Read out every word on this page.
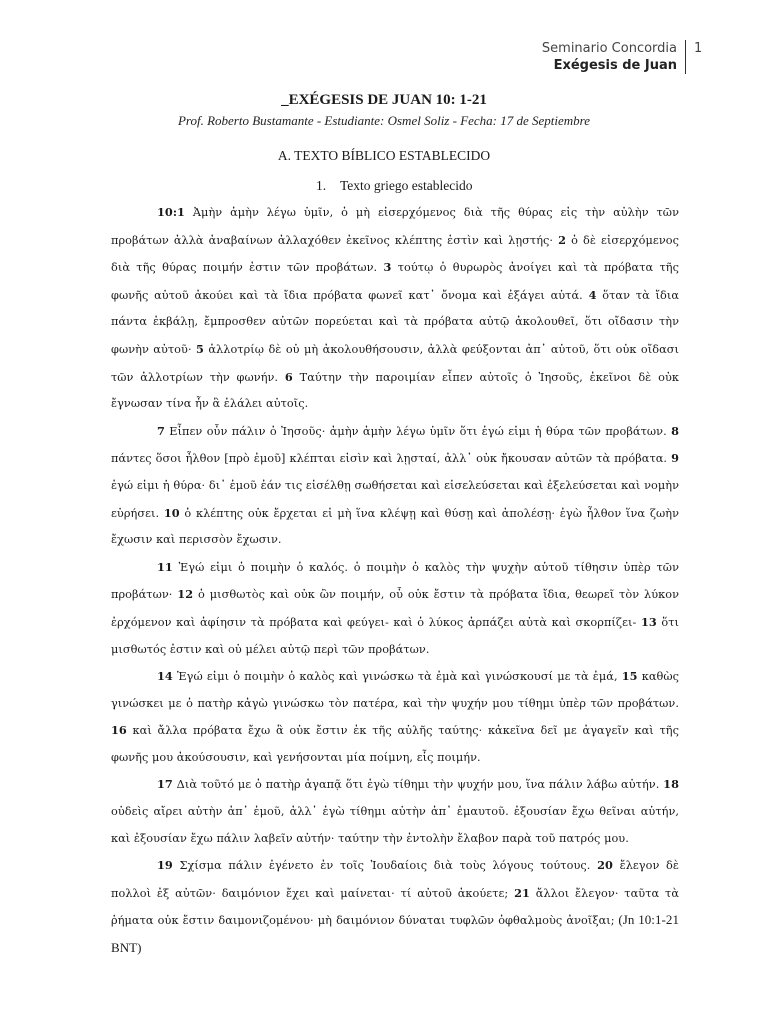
Seminario Concordia
Exégesis de Juan
1
_EXÉGESIS DE JUAN 10: 1-21
Prof. Roberto Bustamante - Estudiante: Osmel Soliz - Fecha: 17 de Septiembre
A. TEXTO BÍBLICO ESTABLECIDO
1. Texto griego establecido

10:1 Ἀμὴν ἀμὴν λέγω ὑμῖν, ὁ μὴ εἰσερχόμενος διὰ τῆς θύρας εἰς τὴν αὐλὴν τῶν προβάτων ἀλλὰ ἀναβαίνων ἀλλαχόθεν ἐκεῖνος κλέπτης ἐστὶν καὶ λῃστής· 2 ὁ δὲ εἰσερχόμενος διὰ τῆς θύρας ποιμήν ἐστιν τῶν προβάτων. 3 τούτῳ ὁ θυρωρὸς ἀνοίγει καὶ τὰ πρόβατα τῆς φωνῆς αὐτοῦ ἀκούει καὶ τὰ ἴδια πρόβατα φωνεῖ κατ᾽ ὄνομα καὶ ἐξάγει αὐτά. 4 ὅταν τὰ ἴδια πάντα ἐκβάλῃ, ἔμπροσθεν αὐτῶν πορεύεται καὶ τὰ πρόβατα αὐτῷ ἀκολουθεῖ, ὅτι οἴδασιν τὴν φωνὴν αὐτοῦ· 5 ἀλλοτρίῳ δὲ οὐ μὴ ἀκολουθήσουσιν, ἀλλὰ φεύξονται ἀπ᾽ αὐτοῦ, ὅτι οὐκ οἴδασι τῶν ἀλλοτρίων τὴν φωνήν. 6 Ταύτην τὴν παροιμίαν εἶπεν αὐτοῖς ὁ Ἰησοῦς, ἐκεῖνοι δὲ οὐκ ἔγνωσαν τίνα ἦν ἃ ἐλάλει αὐτοῖς.

7 Εἶπεν οὖν πάλιν ὁ Ἰησοῦς· ἀμὴν ἀμὴν λέγω ὑμῖν ὅτι ἐγώ εἰμι ἡ θύρα τῶν προβάτων. 8 πάντες ὅσοι ἦλθον [πρὸ ἐμοῦ] κλέπται εἰσὶν καὶ λῃσταί, ἀλλ᾽ οὐκ ἤκουσαν αὐτῶν τὰ πρόβατα. 9 ἐγώ εἰμι ἡ θύρα· δι᾽ ἐμοῦ ἐάν τις εἰσέλθῃ σωθήσεται καὶ εἰσελεύσεται καὶ ἐξελεύσεται καὶ νομὴν εὑρήσει. 10 ὁ κλέπτης οὐκ ἔρχεται εἰ μὴ ἵνα κλέψῃ καὶ θύσῃ καὶ ἀπολέσῃ· ἐγὼ ἦλθον ἵνα ζωὴν ἔχωσιν καὶ περισσὸν ἔχωσιν.

11 Ἐγώ εἰμι ὁ ποιμὴν ὁ καλός. ὁ ποιμὴν ὁ καλὸς τὴν ψυχὴν αὐτοῦ τίθησιν ὑπὲρ τῶν προβάτων· 12 ὁ μισθωτὸς καὶ οὐκ ὢν ποιμήν, οὗ οὐκ ἔστιν τὰ πρόβατα ἴδια, θεωρεῖ τὸν λύκον ἐρχόμενον καὶ ἀφίησιν τὰ πρόβατα καὶ φεύγει- καὶ ὁ λύκος ἁρπάζει αὐτὰ καὶ σκορπίζει- 13 ὅτι μισθωτός ἐστιν καὶ οὐ μέλει αὐτῷ περὶ τῶν προβάτων.

14 Ἐγώ εἰμι ὁ ποιμὴν ὁ καλὸς καὶ γινώσκω τὰ ἐμὰ καὶ γινώσκουσί με τὰ ἐμά, 15 καθὼς γινώσκει με ὁ πατὴρ κἀγὼ γινώσκω τὸν πατέρα, καὶ τὴν ψυχήν μου τίθημι ὑπὲρ τῶν προβάτων. 16 καὶ ἄλλα πρόβατα ἔχω ἃ οὐκ ἔστιν ἐκ τῆς αὐλῆς ταύτης· κἀκεῖνα δεῖ με ἀγαγεῖν καὶ τῆς φωνῆς μου ἀκούσουσιν, καὶ γενήσονται μία ποίμνη, εἷς ποιμήν.

17 Διὰ τοῦτό με ὁ πατὴρ ἀγαπᾷ ὅτι ἐγὼ τίθημι τὴν ψυχήν μου, ἵνα πάλιν λάβω αὐτήν. 18 οὐδεὶς αἴρει αὐτὴν ἀπ᾽ ἐμοῦ, ἀλλ᾽ ἐγὼ τίθημι αὐτὴν ἀπ᾽ ἐμαυτοῦ. ἐξουσίαν ἔχω θεῖναι αὐτήν, καὶ ἐξουσίαν ἔχω πάλιν λαβεῖν αὐτήν· ταύτην τὴν ἐντολὴν ἔλαβον παρὰ τοῦ πατρός μου.

19 Σχίσμα πάλιν ἐγένετο ἐν τοῖς Ἰουδαίοις διὰ τοὺς λόγους τούτους. 20 ἔλεγον δὲ πολλοὶ ἐξ αὐτῶν· δαιμόνιον ἔχει καὶ μαίνεται· τί αὐτοῦ ἀκούετε; 21 ἄλλοι ἔλεγον· ταῦτα τὰ ῥήματα οὐκ ἔστιν δαιμονιζομένου· μὴ δαιμόνιον δύναται τυφλῶν ὀφθαλμοὺς ἀνοῖξαι; (Jn 10:1-21 BNT)
